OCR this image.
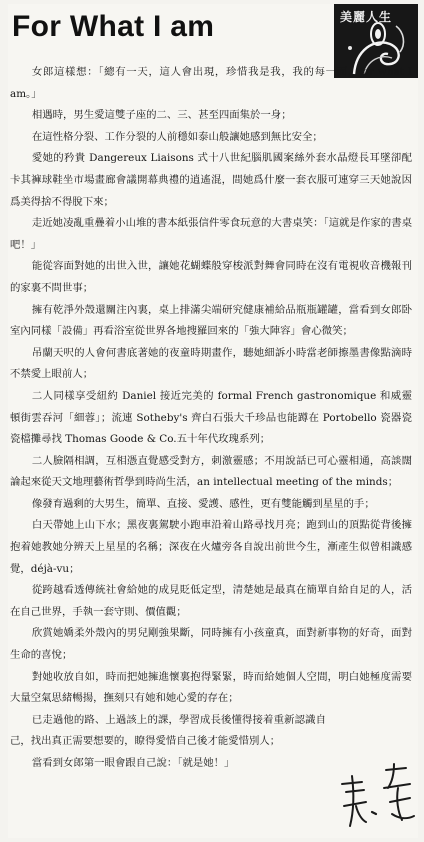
For What I am	美麗人生

女郎這樣想：「總有一天，這人會出現，珍惜我是我，我的每一面，for what I am。」

相遇時，男生愛這雙子座的二、三、甚至四面集於一身；

在這性格分裂、工作分裂的人前穩如泰山般讓她感到無比安全；

愛她的矜貴 Dangereux Liaisons 式十八世紀腦肌國案絲外套水晶燈長耳墜卻配卡其褲球鞋坐市場畫廊會議開幕典禮的逍遙混，間她爲什麼一套衣服可連穿三天她說因爲美得捨不得脫下來；

走近她凌亂重疊着小山堆的書本紙張信件零食玩意的大書桌笑：「這就是作家的書桌吧！」

能從容面對她的出世入世，讓她花蝴蝶般穿梭派對舞會同時在沒有電視收音機報刊的家裏不問世事；

擁有乾淨外殼還關注內裏，桌上排滿尖端研究健康補給品瓶瓶罐罐，當看到女郎卧室內同樣「設備」再看浴室從世界各地搜羅回來的「強大陣容」會心微笑；

吊蘭天呎的人會何書底著她的夜童時期畫作，聽她細訴小時當老師擦墨書像點滴時不禁愛上眼前人；

二人同樣享受紐約 Daniel 接近完美的 formal French gastronomique 和威靈頓街雲吞河「細蓉」；流連 Sotheby's 齊白石張大千珍品也能蹲在 Portobello 瓷器瓷瓷檔攤尋找 Thomas Goode & Co.五十年代玫瑰系列；

二人臉隔相調，互相憑直覺感受對方，刺激靈感；不用說話已可心靈相通，高談闊論起來從天文地理藝術哲學到時尚生活，an intellectual meeting of the minds；

像發育過剩的大男生，簡單、直接、愛護、感性，更有雙能觸到星星的手；

白天帶她上山下水；黑夜裏駕駛小跑車沿着山路尋找月亮；跑到山的頂點從背後擁抱着她教她分辨天上星星的名稱；深夜在火爐旁各自說出前世今生，漸產生似曾相識感覺，déjà-vu；

從跨越看透傳統社會給她的成見貶低定型，清楚她是最真在簡單自給自足的人，活在自己世界，手執一套守則、價值觀；

欣賞她嬌柔外殼內的男兒剛強果斷，同時擁有小孩童真，面對新事物的好奇，面對生命的喜悅；

對她收放自如，時而把她擁進懷裏抱得緊緊，時而給她個人空間，明白她極度需要大量空氣思緒暢揚，撫刻只有她和她心愛的存在；

已走過他的路、上過該上的課，學習成長後懂得接着重新認識自己，找出真正需要想要的，瞭得愛惜自己後才能愛惜別人；

當看到女郎第一眼會跟自己說：「就是她！」
